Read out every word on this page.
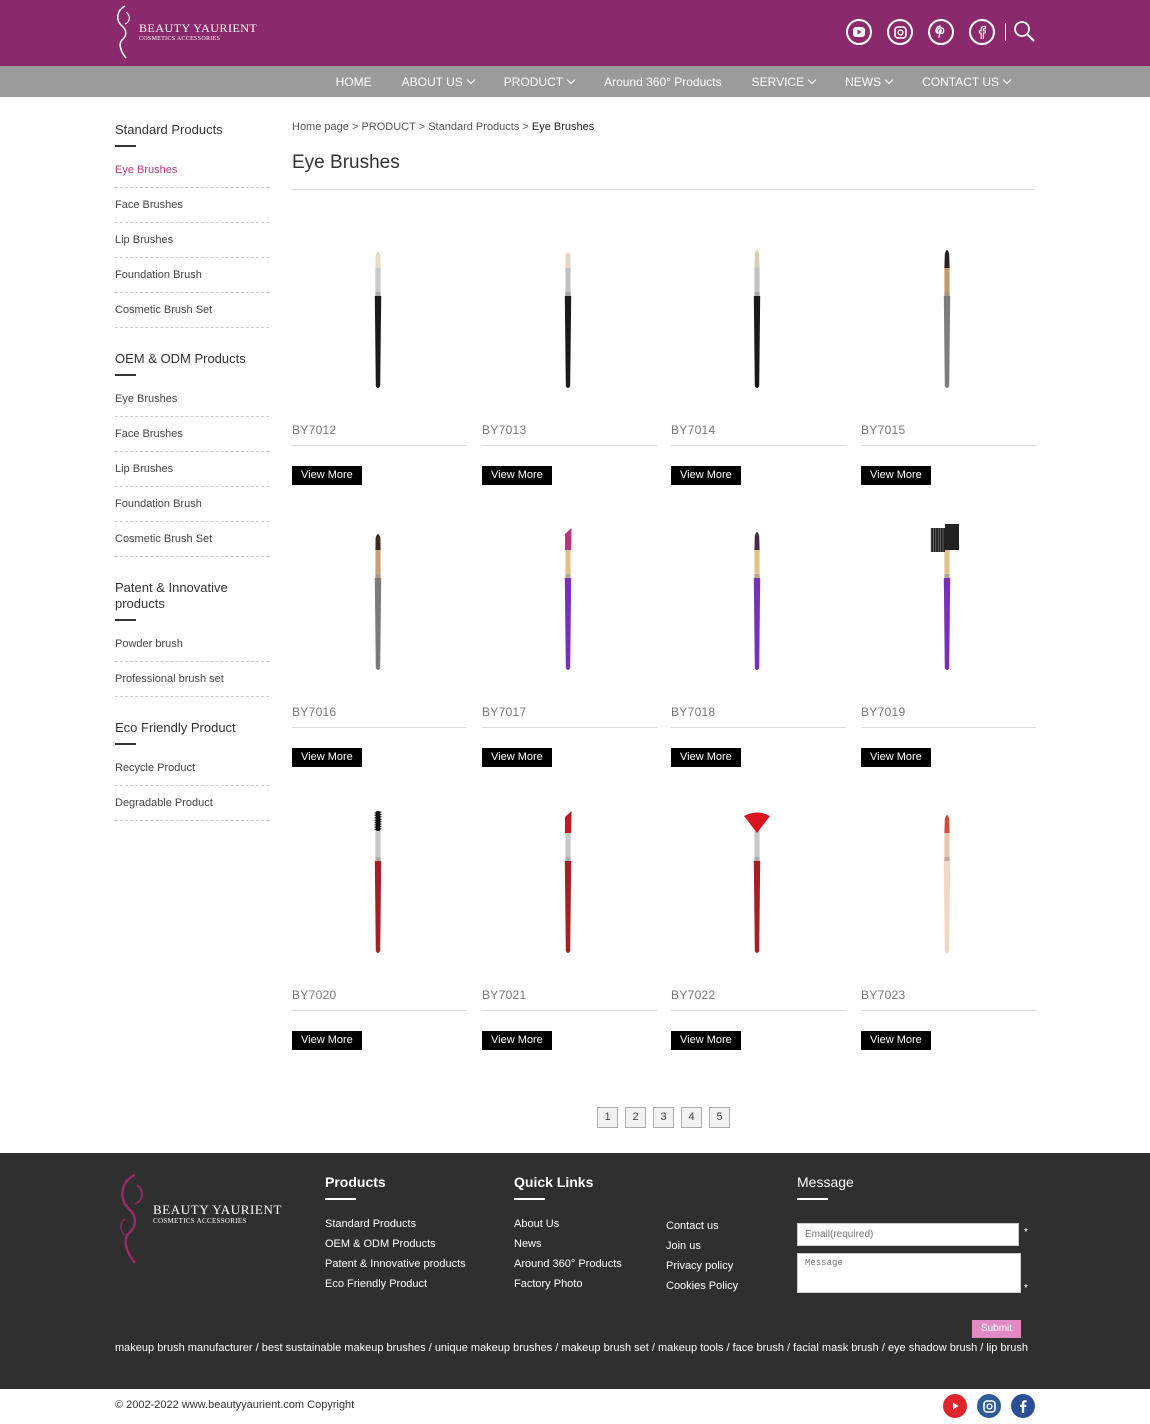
BEAUTY YAURIENT
COSMETICS ACCESSORIES
HOME	ABOUT US	PRODUCT	Around 360° Products	SERVICE	NEWS	CONTACT US
Standard Products
Eye Brushes
Face Brushes
Lip Brushes
Foundation Brush
Cosmetic Brush Set
OEM & ODM Products
Eye Brushes
Face Brushes
Lip Brushes
Foundation Brush
Cosmetic Brush Set
Patent & Innovative products
Powder brush
Professional brush set
Eco Friendly Product
Recycle Product
Degradable Product
Home page > PRODUCT > Standard Products > Eye Brushes
Eye Brushes
BY7012
View More
BY7013
View More
BY7014
View More
BY7015
View More
BY7016
View More
BY7017
View More
BY7018
View More
BY7019
View More
BY7020
View More
BY7021
View More
BY7022
View More
BY7023
View More
1	2	3	4	5
BEAUTY YAURIENT
COSMETICS ACCESSORIES
Products
Standard Products
OEM & ODM Products
Patent & Innovative products
Eco Friendly Product
Quick Links
About Us
News
Around 360° Products
Factory Photo
Contact us
Join us
Privacy policy
Cookies Policy
Message
Email(required)
*
Message
*
Submit
makeup brush manufacturer / best sustainable makeup brushes / unique makeup brushes / makeup brush set / makeup tools / face brush / facial mask brush / eye shadow brush / lip brush
© 2002-2022 www.beautyyaurient.com Copyright
